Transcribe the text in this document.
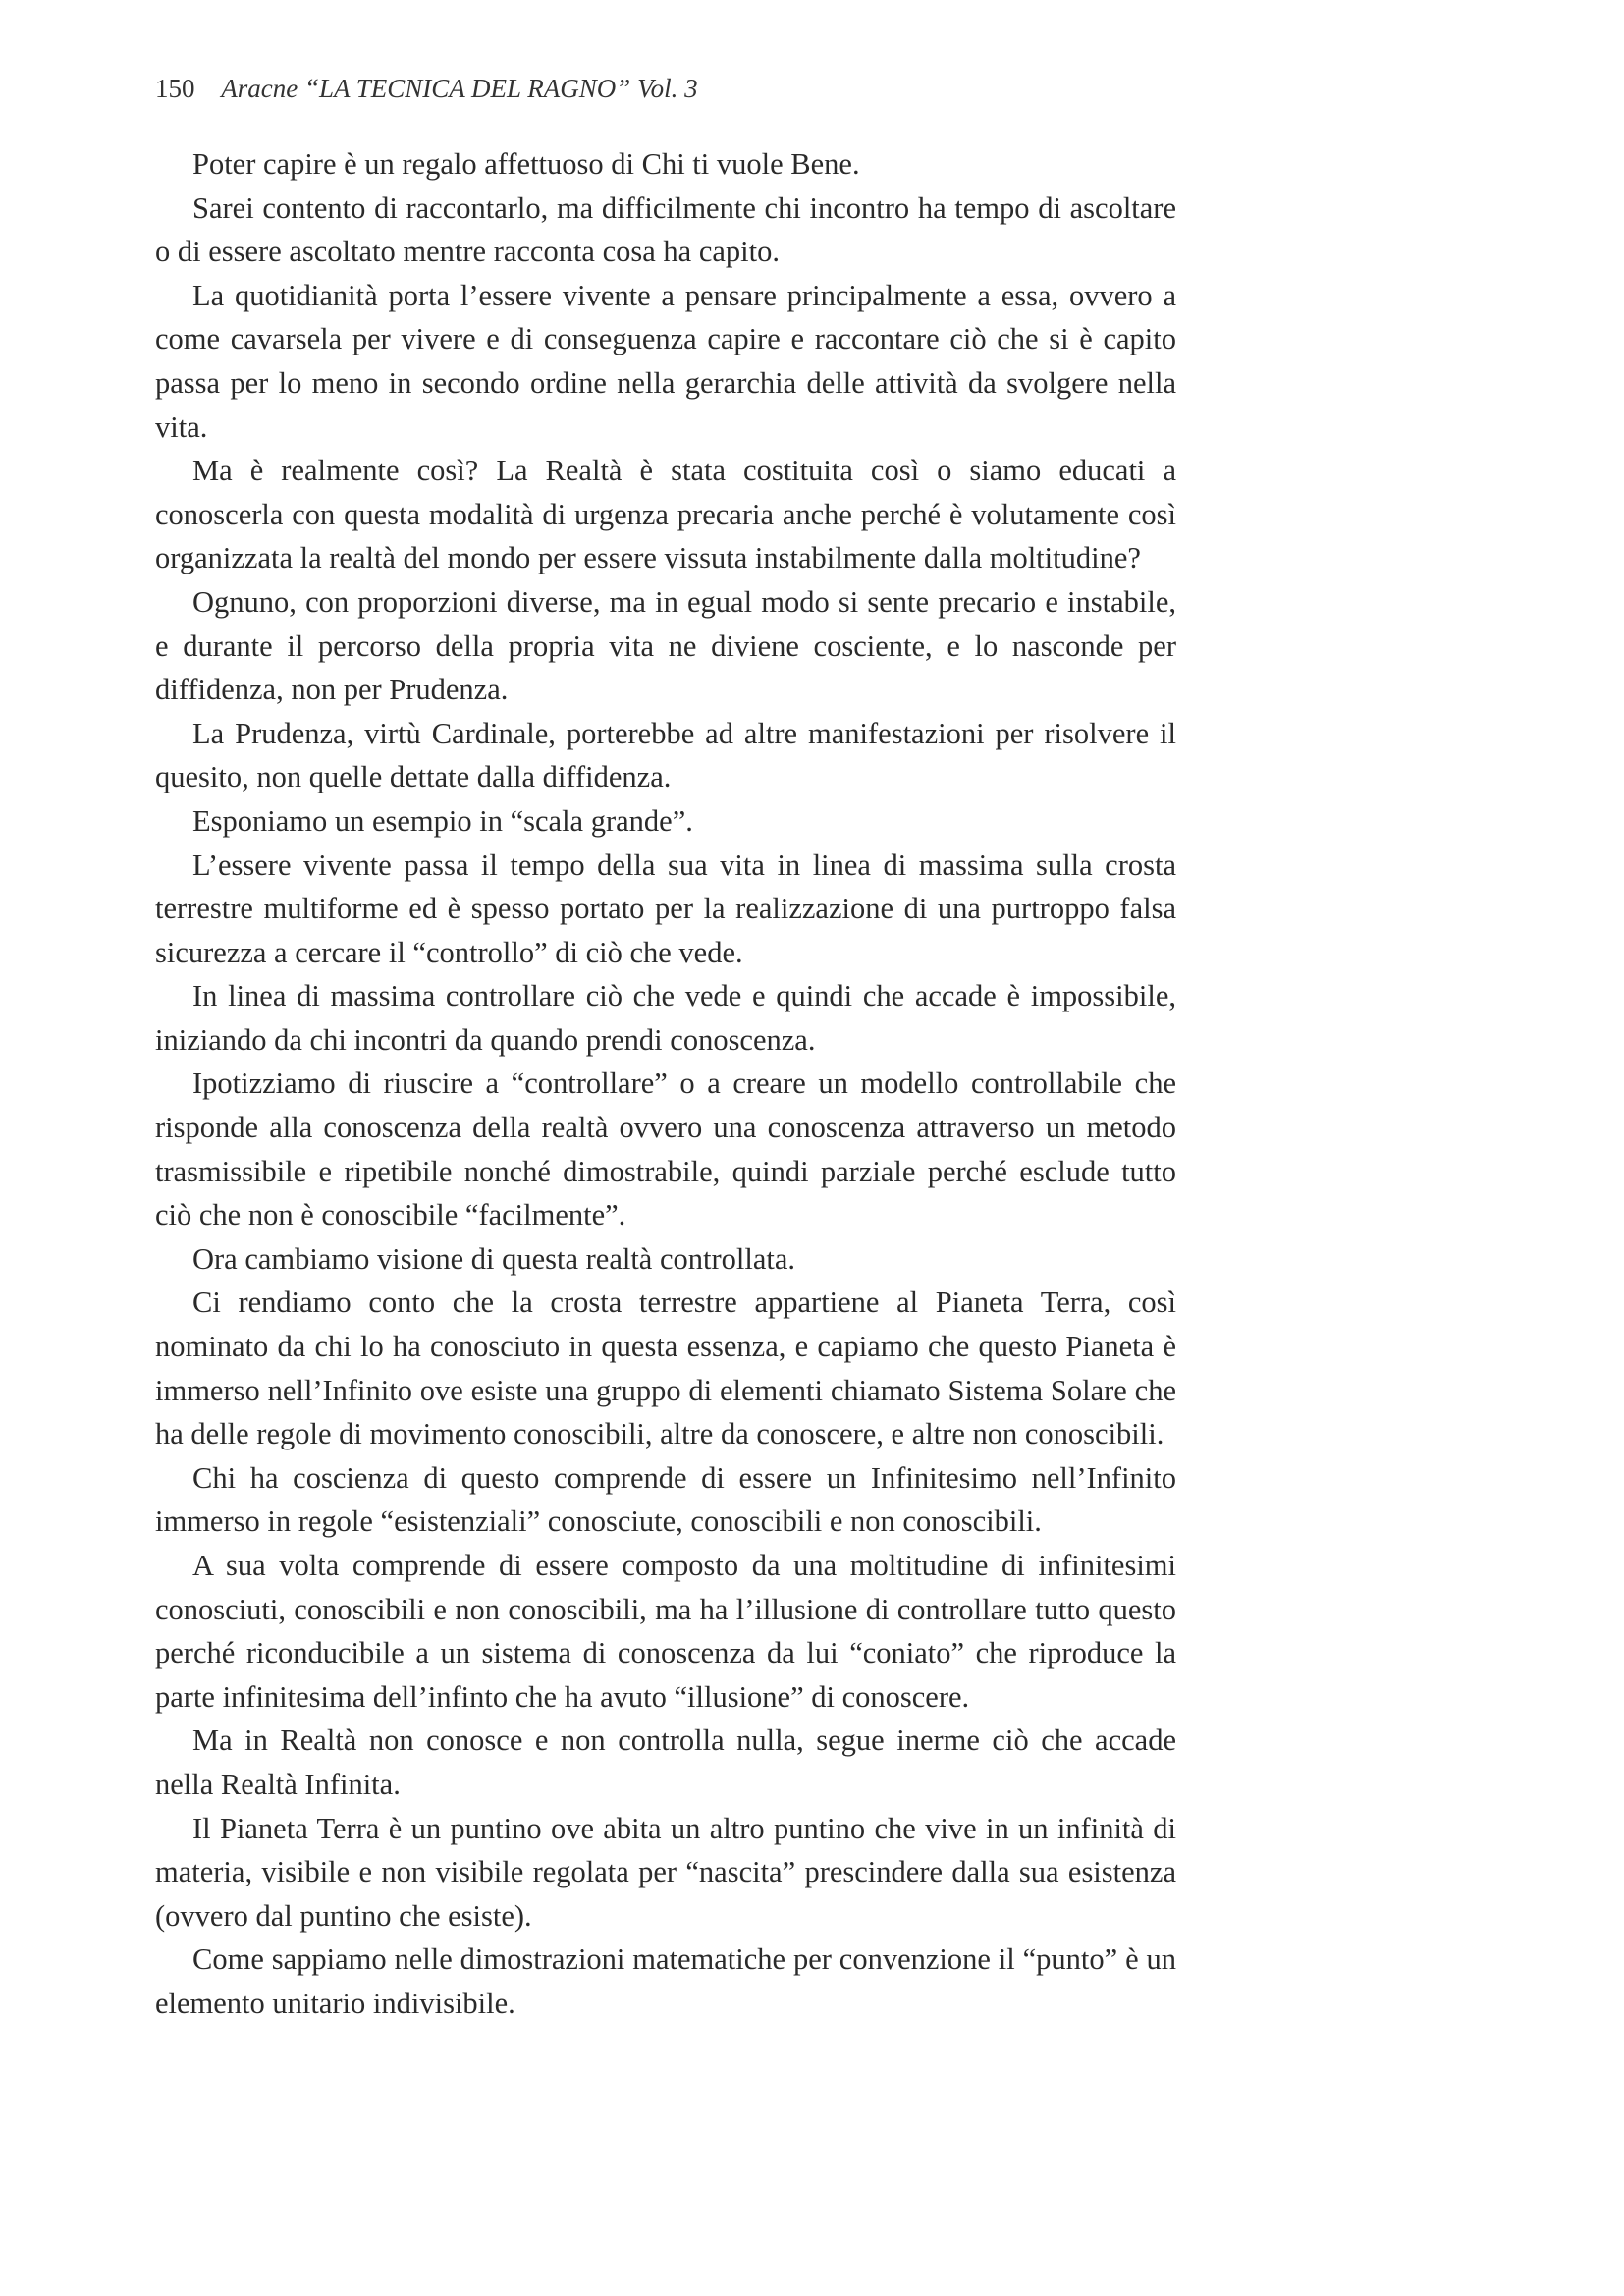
150 Aracne “LA TECNICA DEL RAGNO” Vol. 3

Poter capire è un regalo affettuoso di Chi ti vuole Bene.

Sarei contento di raccontarlo, ma difficilmente chi incontro ha tempo di ascoltare o di essere ascoltato mentre racconta cosa ha capito.

La quotidianità porta l’essere vivente a pensare principalmente a essa, ovvero a come cavarsela per vivere e di conseguenza capire e raccontare ciò che si è capito passa per lo meno in secondo ordine nella gerarchia delle attività da svolgere nella vita.

Ma è realmente così? La Realtà è stata costituita così o siamo educati a conoscerla con questa modalità di urgenza precaria anche perché è volutamente così organizzata la realtà del mondo per essere vissuta instabilmente dalla moltitudine?

Ognuno, con proporzioni diverse, ma in egual modo si sente precario e instabile, e durante il percorso della propria vita ne diviene cosciente, e lo nasconde per diffidenza, non per Prudenza.

La Prudenza, virtù Cardinale, porterebbe ad altre manifestazioni per risolvere il quesito, non quelle dettate dalla diffidenza.

Esponiamo un esempio in “scala grande”.

L’essere vivente passa il tempo della sua vita in linea di massima sulla crosta terrestre multiforme ed è spesso portato per la realizzazione di una purtroppo falsa sicurezza a cercare il “controllo” di ciò che vede.

In linea di massima controllare ciò che vede e quindi che accade è impossibile, iniziando da chi incontri da quando prendi conoscenza.

Ipotizziamo di riuscire a “controllare” o a creare un modello controllabile che risponde alla conoscenza della realtà ovvero una conoscenza attraverso un metodo trasmissibile e ripetibile nonché dimostrabile, quindi parziale perché esclude tutto ciò che non è conoscibile “facilmente”.

Ora cambiamo visione di questa realtà controllata.

Ci rendiamo conto che la crosta terrestre appartiene al Pianeta Terra, così nominato da chi lo ha conosciuto in questa essenza, e capiamo che questo Pianeta è immerso nell’Infinito ove esiste una gruppo di elementi chiamato Sistema Solare che ha delle regole di movimento conoscibili, altre da conoscere, e altre non conoscibili.

Chi ha coscienza di questo comprende di essere un Infinitesimo nell’Infinito immerso in regole “esistenziali” conosciute, conoscibili e non conoscibili.

A sua volta comprende di essere composto da una moltitudine di infinitesimi conosciuti, conoscibili e non conoscibili, ma ha l’illusione di controllare tutto questo perché riconducibile a un sistema di conoscenza da lui “coniato” che riproduce la parte infinitesima dell’infinto che ha avuto “illusione” di conoscere.

Ma in Realtà non conosce e non controlla nulla, segue inerme ciò che accade nella Realtà Infinita.

Il Pianeta Terra è un puntino ove abita un altro puntino che vive in un infinità di materia, visibile e non visibile regolata per “nascita” prescindere dalla sua esistenza (ovvero dal puntino che esiste).

Come sappiamo nelle dimostrazioni matematiche per convenzione il “punto” è un elemento unitario indivisibile.
